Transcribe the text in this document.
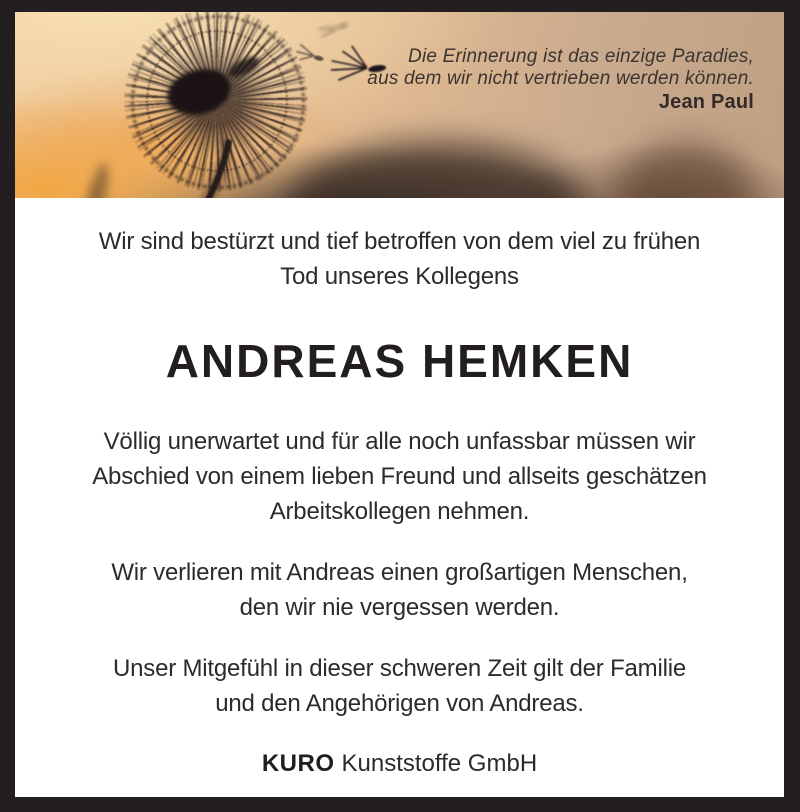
Die Erinnerung ist das einzige Paradies,
aus dem wir nicht vertrieben werden können.
Jean Paul

Wir sind bestürzt und tief betroffen von dem viel zu frühen
Tod unseres Kollegens

ANDREAS HEMKEN

Völlig unerwartet und für alle noch unfassbar müssen wir
Abschied von einem lieben Freund und allseits geschätzen
Arbeitskollegen nehmen.

Wir verlieren mit Andreas einen großartigen Menschen,
den wir nie vergessen werden.

Unser Mitgefühl in dieser schweren Zeit gilt der Familie
und den Angehörigen von Andreas.

KURO Kunststoffe GmbH
